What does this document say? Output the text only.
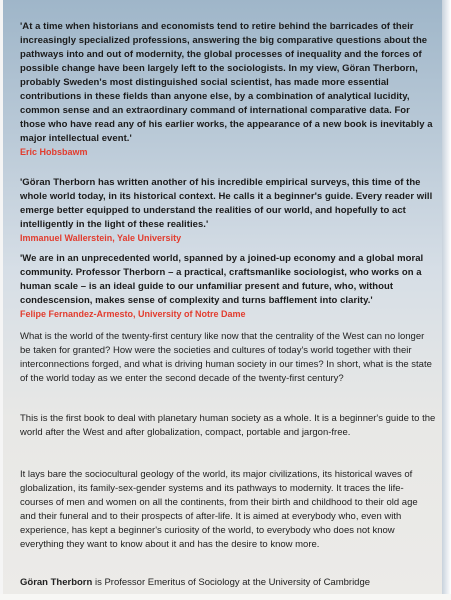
'At a time when historians and economists tend to retire behind the barricades of their increasingly specialized professions, answering the big comparative questions about the pathways into and out of modernity, the global processes of inequality and the forces of possible change have been largely left to the sociologists. In my view, Göran Therborn, probably Sweden's most distinguished social scientist, has made more essential contributions in these fields than anyone else, by a combination of analytical lucidity, common sense and an extraordinary command of international comparative data. For those who have read any of his earlier works, the appearance of a new book is inevitably a major intellectual event.'

Eric Hobsbawm

'Göran Therborn has written another of his incredible empirical surveys, this time of the whole world today, in its historical context. He calls it a beginner's guide. Every reader will emerge better equipped to understand the realities of our world, and hopefully to act intelligently in the light of these realities.'

Immanuel Wallerstein, Yale University

'We are in an unprecedented world, spanned by a joined-up economy and a global moral community. Professor Therborn – a practical, craftsmanlike sociologist, who works on a human scale – is an ideal guide to our unfamiliar present and future, who, without condescension, makes sense of complexity and turns bafflement into clarity.'

Felipe Fernandez-Armesto, University of Notre Dame

What is the world of the twenty-first century like now that the centrality of the West can no longer be taken for granted? How were the societies and cultures of today's world together with their interconnections forged, and what is driving human society in our times? In short, what is the state of the world today as we enter the second decade of the twenty-first century?

This is the first book to deal with planetary human society as a whole. It is a beginner's guide to the world after the West and after globalization, compact, portable and jargon-free.

It lays bare the sociocultural geology of the world, its major civilizations, its historical waves of globalization, its family-sex-gender systems and its pathways to modernity. It traces the life-courses of men and women on all the continents, from their birth and childhood to their old age and their funeral and to their prospects of after-life. It is aimed at everybody who, even with experience, has kept a beginner's curiosity of the world, to everybody who does not know everything they want to know about it and has the desire to know more.

Göran Therborn is Professor Emeritus of Sociology at the University of Cambridge
